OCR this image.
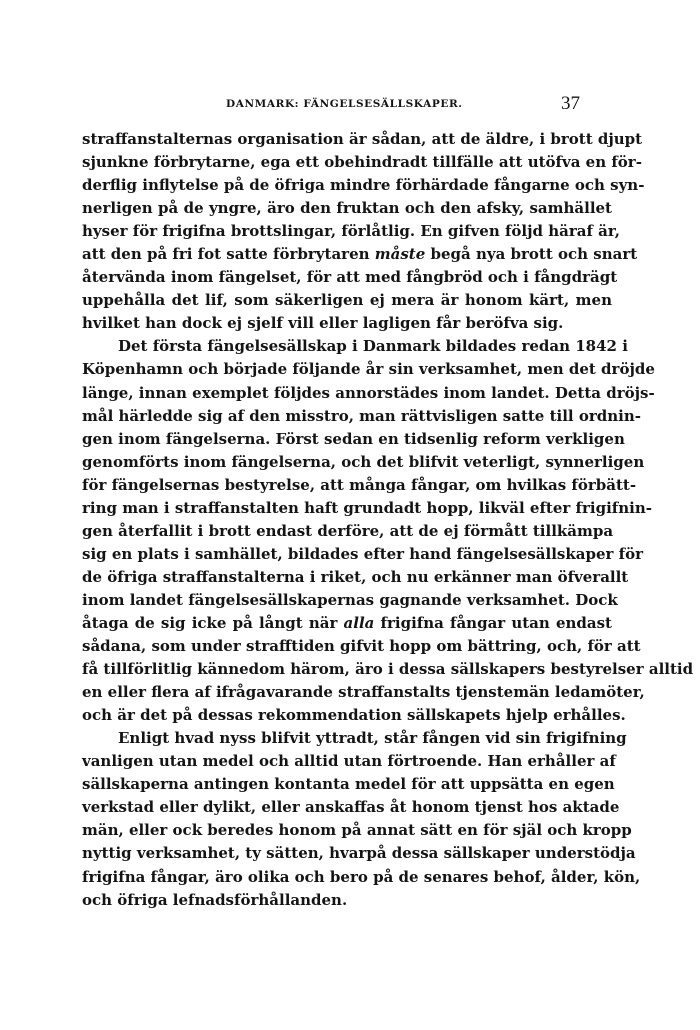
DANMARK: FÄNGELSESÄLLSKAPER.	37
straffanstalternas organisation är sådan, att de äldre, i brott djupt
sjunkne förbrytarne, ega ett obehindradt tillfälle att utöfva en för-
derflig inflytelse på de öfriga mindre förhärdade fångarne och syn-
nerligen på de yngre, äro den fruktan och den afsky, samhället
hyser för frigifna brottslingar, förlåtlig. En gifven följd häraf är,
att den på fri fot satte förbrytaren måste begå nya brott och snart
återvända inom fängelset, för att med fångbröd och i fångdrägt
uppehålla det lif, som säkerligen ej mera är honom kärt, men
hvilket han dock ej sjelf vill eller lagligen får beröfva sig.
Det första fängelsesällskap i Danmark bildades redan 1842 i
Köpenhamn och började följande år sin verksamhet, men det dröjde
länge, innan exemplet följdes annorstädes inom landet. Detta dröjs-
mål härledde sig af den misstro, man rättvisligen satte till ordnin-
gen inom fängelserna. Först sedan en tidsenlig reform verkligen
genomförts inom fängelserna, och det blifvit veterligt, synnerligen
för fängelsernas bestyrelse, att många fångar, om hvilkas förbätt-
ring man i straffanstalten haft grundadt hopp, likväl efter frigifnin-
gen återfallit i brott endast derföre, att de ej förmått tillkämpa
sig en plats i samhället, bildades efter hand fängelsesällskaper för
de öfriga straffanstalterna i riket, och nu erkänner man öfverallt
inom landet fängelsesällskapernas gagnande verksamhet. Dock
åtaga de sig icke på långt när alla frigifna fångar utan endast
sådana, som under strafftiden gifvit hopp om bättring, och, för att
få tillförlitlig kännedom härom, äro i dessa sällskapers bestyrelser alltid
en eller flera af ifrågavarande straffanstalts tjenstemän ledamöter,
och är det på dessas rekommendation sällskapets hjelp erhålles.
Enligt hvad nyss blifvit yttradt, står fången vid sin frigifning
vanligen utan medel och alltid utan förtroende. Han erhåller af
sällskaperna antingen kontanta medel för att uppsätta en egen
verkstad eller dylikt, eller anskaffas åt honom tjenst hos aktade
män, eller ock beredes honom på annat sätt en för själ och kropp
nyttig verksamhet, ty sätten, hvarpå dessa sällskaper understödja
frigifna fångar, äro olika och bero på de senares behof, ålder, kön,
och öfriga lefnadsförhållanden.
